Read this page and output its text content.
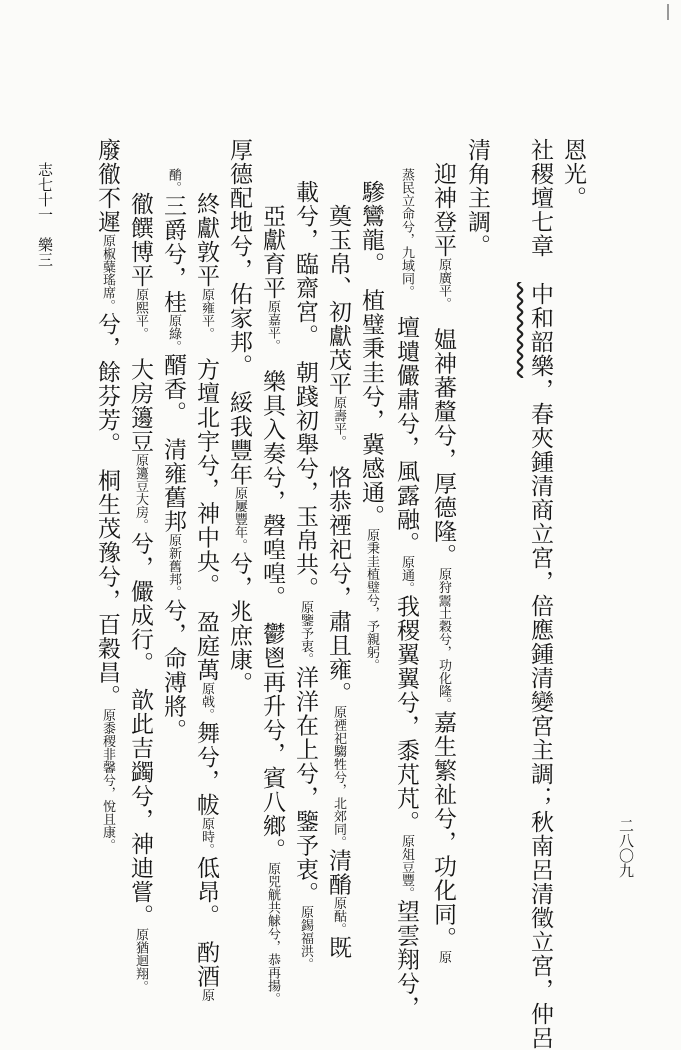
恩光。
社稷壇七章　中和韶樂，春夾鍾清商立宮，倍應鍾清變宮主調；秋南呂清徵立宮，仲呂
清角主調。
　迎神登平原廣平。　媪神蕃釐兮，厚德隆。原狩𩱧土穀兮，功化隆。嘉生繁祉兮，功化同。原
蒸民立命兮，九域同。　壇壝儼肅兮，風露融。原通。我稷翼翼兮，黍芃芃。原俎豆豐。望雲翔兮，
驂鸞龍。　植璧秉圭兮，冀感通。原秉圭植璧兮，予親躬。
　奠玉帛、初獻茂平原壽平。　恪恭禋祀兮，肅且雍。原禋祀騶牲兮，北郊同。清酳原酤。既
載兮，臨齋宮。　朝踐初舉兮，玉帛共。原鑒予衷。洋洋在上兮，鑒予衷。原錫福洪。
　亞獻育平原嘉平。　樂具入奏兮，磬喤喤。　鬱鬯再升兮，賓八鄉。原兕觥共觩兮，恭再揚。
厚德配地兮，佑家邦。　綏我豐年原屢豐年。兮，兆庶康。
　終獻敦平原雍平。　方壇北宇兮，神中央。　盈庭萬原㦸。舞兮，帗原時。低昂。　酌酒原
酳。三爵兮，桂原綠。醑香。　清雍舊邦原新舊邦。兮，命溥將。
　徹饌博平原熙平。　大房籩豆原籩豆大房。兮，儼成行。　歆此吉蠲兮，神迪嘗。原猶迴翔。
廢徹不遲原椒糵瑤席。兮，餘芬芳。　桐生茂豫兮，百穀昌。原黍稷非馨兮，悅且康。
志七十一　樂三
二八〇九
